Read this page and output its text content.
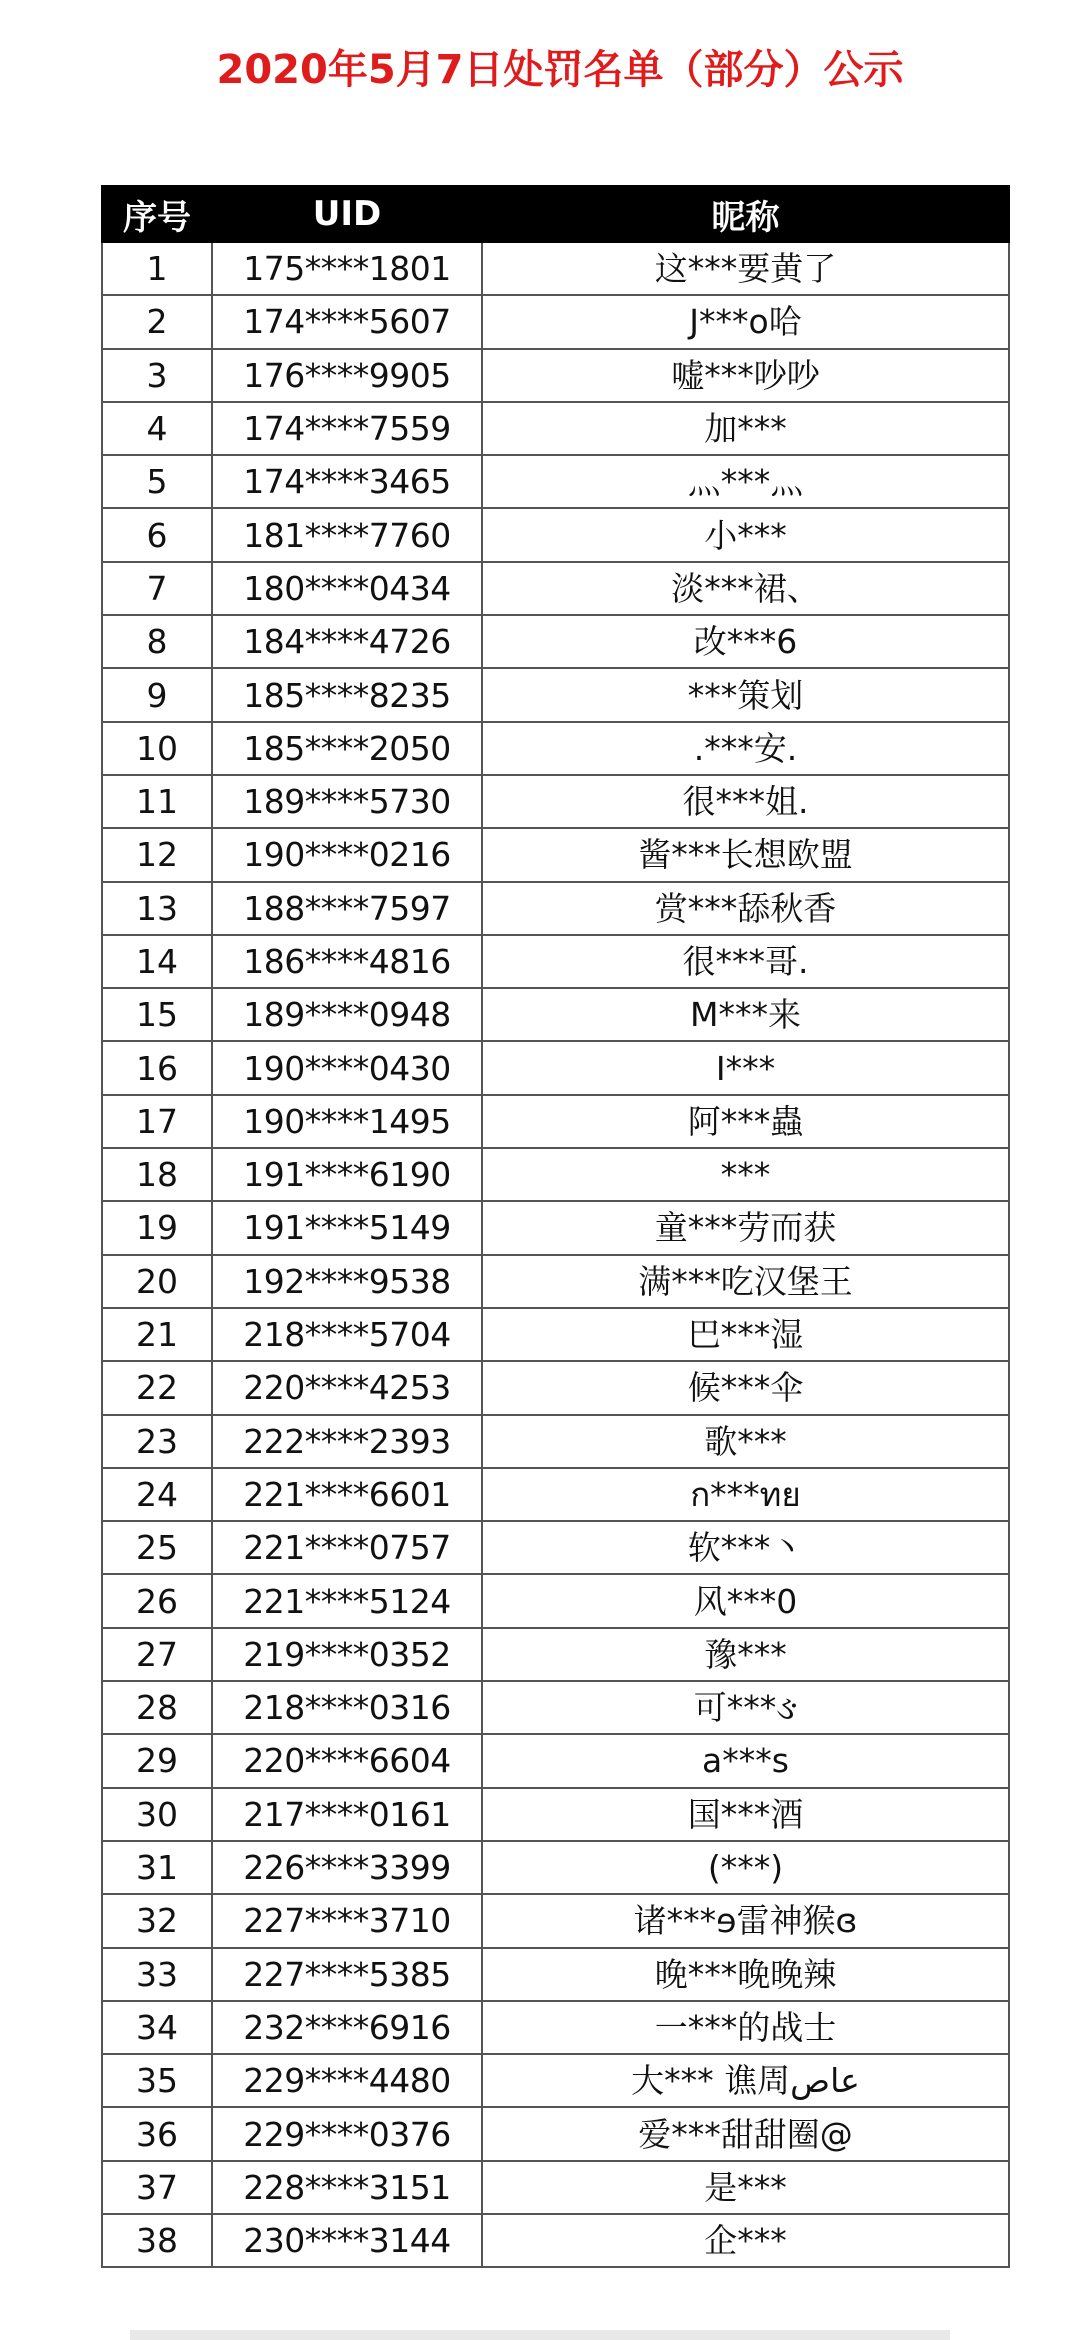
2020年5月7日处罚名单（部分）公示
序号	UID	昵称
1	175****1801	这***要黄了
2	174****5607	J***o哈
3	176****9905	嘘***吵吵
4	174****7559	加***
5	174****3465	灬***灬
6	181****7760	小***
7	180****0434	淡***裙、
8	184****4726	改***6
9	185****8235	***策划
10	185****2050	.***安.
11	189****5730	很***姐.
12	190****0216	酱***长想欧盟
13	188****7597	赏***舔秋香
14	186****4816	很***哥.
15	189****0948	M***来
16	190****0430	I***
17	190****1495	阿***蟲
18	191****6190	***
19	191****5149	童***劳而获
20	192****9538	满***吃汉堡王
21	218****5704	巴***湿
22	220****4253	候***伞
23	222****2393	歌***
24	221****6601	ก***ทย
25	221****0757	软***丶
26	221****5124	风***0
27	219****0352	豫***
28	218****0316	可***ઙ
29	220****6604	a***s
30	217****0161	国***酒
31	226****3399	(***)
32	227****3710	诸***ɘ雷神猴ɞ
33	227****5385	晚***晚晚辣
34	232****6916	一***的战士
35	229****4480	大*** 谯周عاص
36	229****0376	爱***甜甜圈@
37	228****3151	是***
38	230****3144	企***
